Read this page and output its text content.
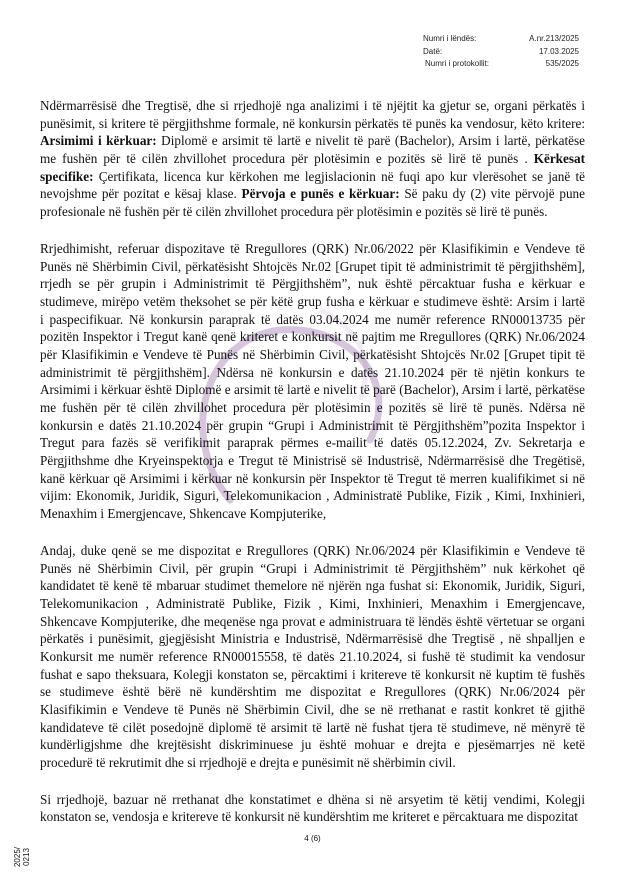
Numri i lëndës:	A.nr.213/2025
Datë:	17.03.2025
Numri i protokollit:	535/2025
Ndërmarrësisë dhe Tregtisë, dhe si rrjedhojë nga analizimi i të njëjtit ka gjetur se, organi përkatës i
punësimit, si kritere të përgjithshme formale, në konkursin përkatës të punës ka vendosur, këto kritere:
Arsimimi i kërkuar: Diplomë e arsimit të lartë e nivelit të parë (Bachelor), Arsim i lartë, përkatëse
me fushën për të cilën zhvillohet procedura për plotësimin e pozitës së lirë të punës . Kërkesat
specifike: Çertifikata, licenca kur kërkohen me legjislacionin në fuqi apo kur vlerësohet se janë të
nevojshme për pozitat e kësaj klase. Përvoja e punës e kërkuar: Së paku dy (2) vite përvojë pune
profesionale në fushën për të cilën zhvillohet procedura për plotësimin e pozitës së lirë të punës.
Rrjedhimisht, referuar dispozitave të Rregullores (QRK) Nr.06/2022 për Klasifikimin e Vendeve të
Punës në Shërbimin Civil, përkatësisht Shtojcës Nr.02 [Grupet tipit të administrimit të përgjithshëm],
rrjedh se për grupin i Administrimit të Përgjithshëm”, nuk është përcaktuar fusha e kërkuar e
studimeve, mirëpo vetëm theksohet se për këtë grup fusha e kërkuar e studimeve është: Arsim i lartë
i paspecifikuar. Në konkursin paraprak të datës 03.04.2024 me numër reference RN00013735 për
pozitën Inspektor i Tregut kanë qenë kriteret e konkursit në pajtim me Rregullores (QRK) Nr.06/2024
për Klasifikimin e Vendeve të Punës në Shërbimin Civil, përkatësisht Shtojcës Nr.02 [Grupet tipit të
administrimit të përgjithshëm]. Ndërsa në konkursin e datës 21.10.2024 për të njëtin konkurs te
Arsimimi i kërkuar është Diplomë e arsimit të lartë e nivelit të parë (Bachelor), Arsim i lartë, përkatëse
me fushën për të cilën zhvillohet procedura për plotësimin e pozitës së lirë të punës. Ndërsa në
konkursin e datës 21.10.2024 për grupin “Grupi i Administrimit të Përgjithshëm”pozita Inspektor i
Tregut para fazës së verifikimit paraprak përmes e-mailit të datës 05.12.2024, Zv. Sekretarja e
Përgjithshme dhe Kryeinspektorja e Tregut të Ministrisë së Industrisë, Ndërmarrësisë dhe Tregëtisë,
kanë kërkuar që Arsimimi i kërkuar në konkursin për Inspektor të Tregut të merren kualifikimet si në
vijim: Ekonomik, Juridik, Siguri, Telekomunikacion , Administratë Publike, Fizik , Kimi, Inxhinieri,
Menaxhim i Emergjencave, Shkencave Kompjuterike,
Andaj, duke qenë se me dispozitat e Rregullores (QRK) Nr.06/2024 për Klasifikimin e Vendeve të
Punës në Shërbimin Civil, për grupin “Grupi i Administrimit të Përgjithshëm” nuk kërkohet që
kandidatet të kenë të mbaruar studimet themelore në njërën nga fushat si: Ekonomik, Juridik, Siguri,
Telekomunikacion , Administratë Publike, Fizik , Kimi, Inxhinieri, Menaxhim i Emergjencave,
Shkencave Kompjuterike, dhe meqenëse nga provat e administruara të lëndës është vërtetuar se organi
përkatës i punësimit, gjegjësisht Ministria e Industrisë, Ndërmarrësisë dhe Tregtisë , në shpalljen e
Konkursit me numër reference RN00015558, të datës 21.10.2024, si fushë të studimit ka vendosur
fushat e sapo theksuara, Kolegji konstaton se, përcaktimi i kritereve të konkursit në kuptim të fushës
se studimeve është bërë në kundërshtim me dispozitat e Rregullores (QRK) Nr.06/2024 për
Klasifikimin e Vendeve të Punës në Shërbimin Civil, dhe se në rrethanat e rastit konkret të gjithë
kandidateve të cilët posedojnë diplomë të arsimit të lartë në fushat tjera të studimeve, në mënyrë të
kundërligjshme dhe krejtësisht diskriminuese ju është mohuar e drejta e pjesëmarrjes në ketë
procedurë të rekrutimit dhe si rrjedhojë e drejta e punësimit në shërbimin civil.
Si rrjedhojë, bazuar në rrethanat dhe konstatimet e dhëna si në arsyetim të këtij vendimi, Kolegji
konstaton se, vendosja e kritereve të konkursit në kundërshtim me kriteret e përcaktuara me dispozitat
4 (6)
2025/ 0213
